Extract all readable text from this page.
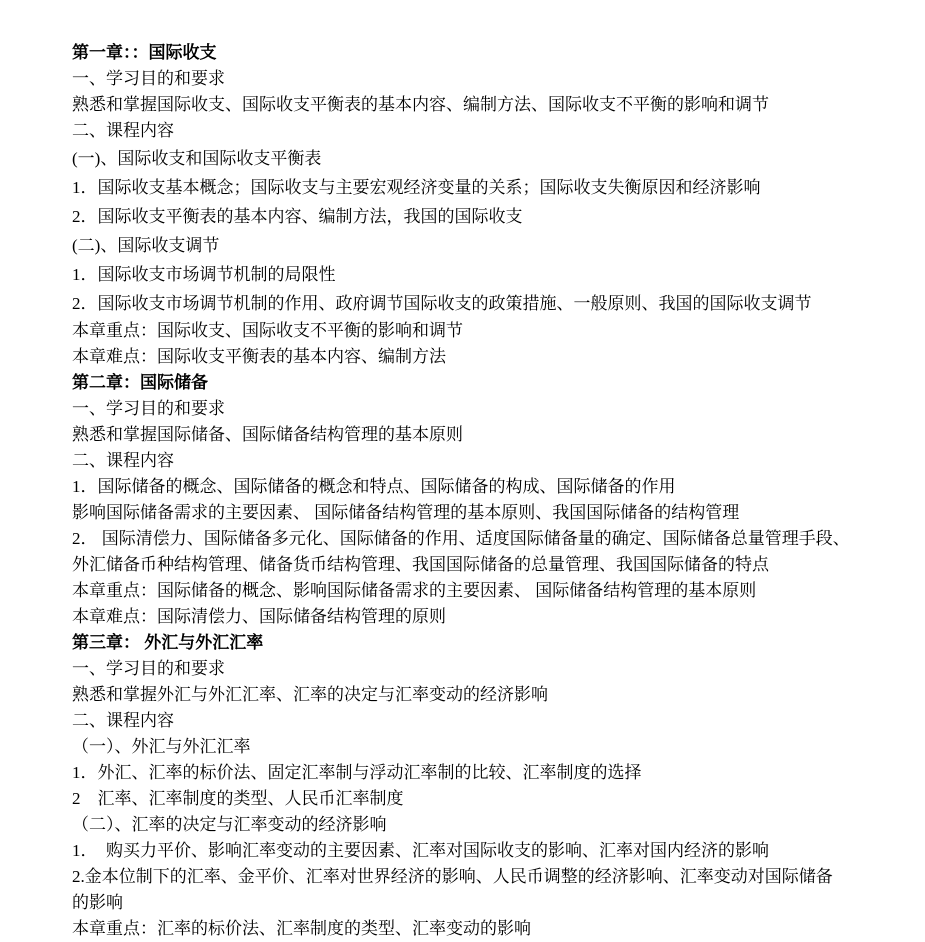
第一章：：国际收支

一、学习目的和要求

熟悉和掌握国际收支、国际收支平衡表的基本内容、编制方法、国际收支不平衡的影响和调节

二、课程内容

(一)、国际收支和国际收支平衡表

1．国际收支基本概念；国际收支与主要宏观经济变量的关系；国际收支失衡原因和经济影响

2．国际收支平衡表的基本内容、编制方法，我国的国际收支

(二)、国际收支调节

1．国际收支市场调节机制的局限性

2．国际收支市场调节机制的作用、政府调节国际收支的政策措施、一般原则、我国的国际收支调节

本章重点：国际收支、国际收支不平衡的影响和调节

本章难点：国际收支平衡表的基本内容、编制方法

第二章：国际储备

一、学习目的和要求

熟悉和掌握国际储备、国际储备结构管理的基本原则

二、课程内容

1．国际储备的概念、国际储备的概念和特点、国际储备的构成、国际储备的作用

影响国际储备需求的主要因素、 国际储备结构管理的基本原则、我国国际储备的结构管理

2． 国际清偿力、国际储备多元化、国际储备的作用、适度国际储备量的确定、国际储备总量管理手段、

外汇储备币种结构管理、储备货币结构管理、我国国际储备的总量管理、我国国际储备的特点

本章重点：国际储备的概念、影响国际储备需求的主要因素、 国际储备结构管理的基本原则

本章难点：国际清偿力、国际储备结构管理的原则

第三章： 外汇与外汇汇率

一、学习目的和要求

熟悉和掌握外汇与外汇汇率、汇率的决定与汇率变动的经济影响

二、课程内容

（一）、外汇与外汇汇率

1．外汇、汇率的标价法、固定汇率制与浮动汇率制的比较、汇率制度的选择

2　汇率、汇率制度的类型、人民币汇率制度

（二）、汇率的决定与汇率变动的经济影响

1．　购买力平价、影响汇率变动的主要因素、汇率对国际收支的影响、汇率对国内经济的影响

2.金本位制下的汇率、金平价、汇率对世界经济的影响、人民币调整的经济影响、汇率变动对国际储备

的影响

本章重点：汇率的标价法、汇率制度的类型、汇率变动的影响
